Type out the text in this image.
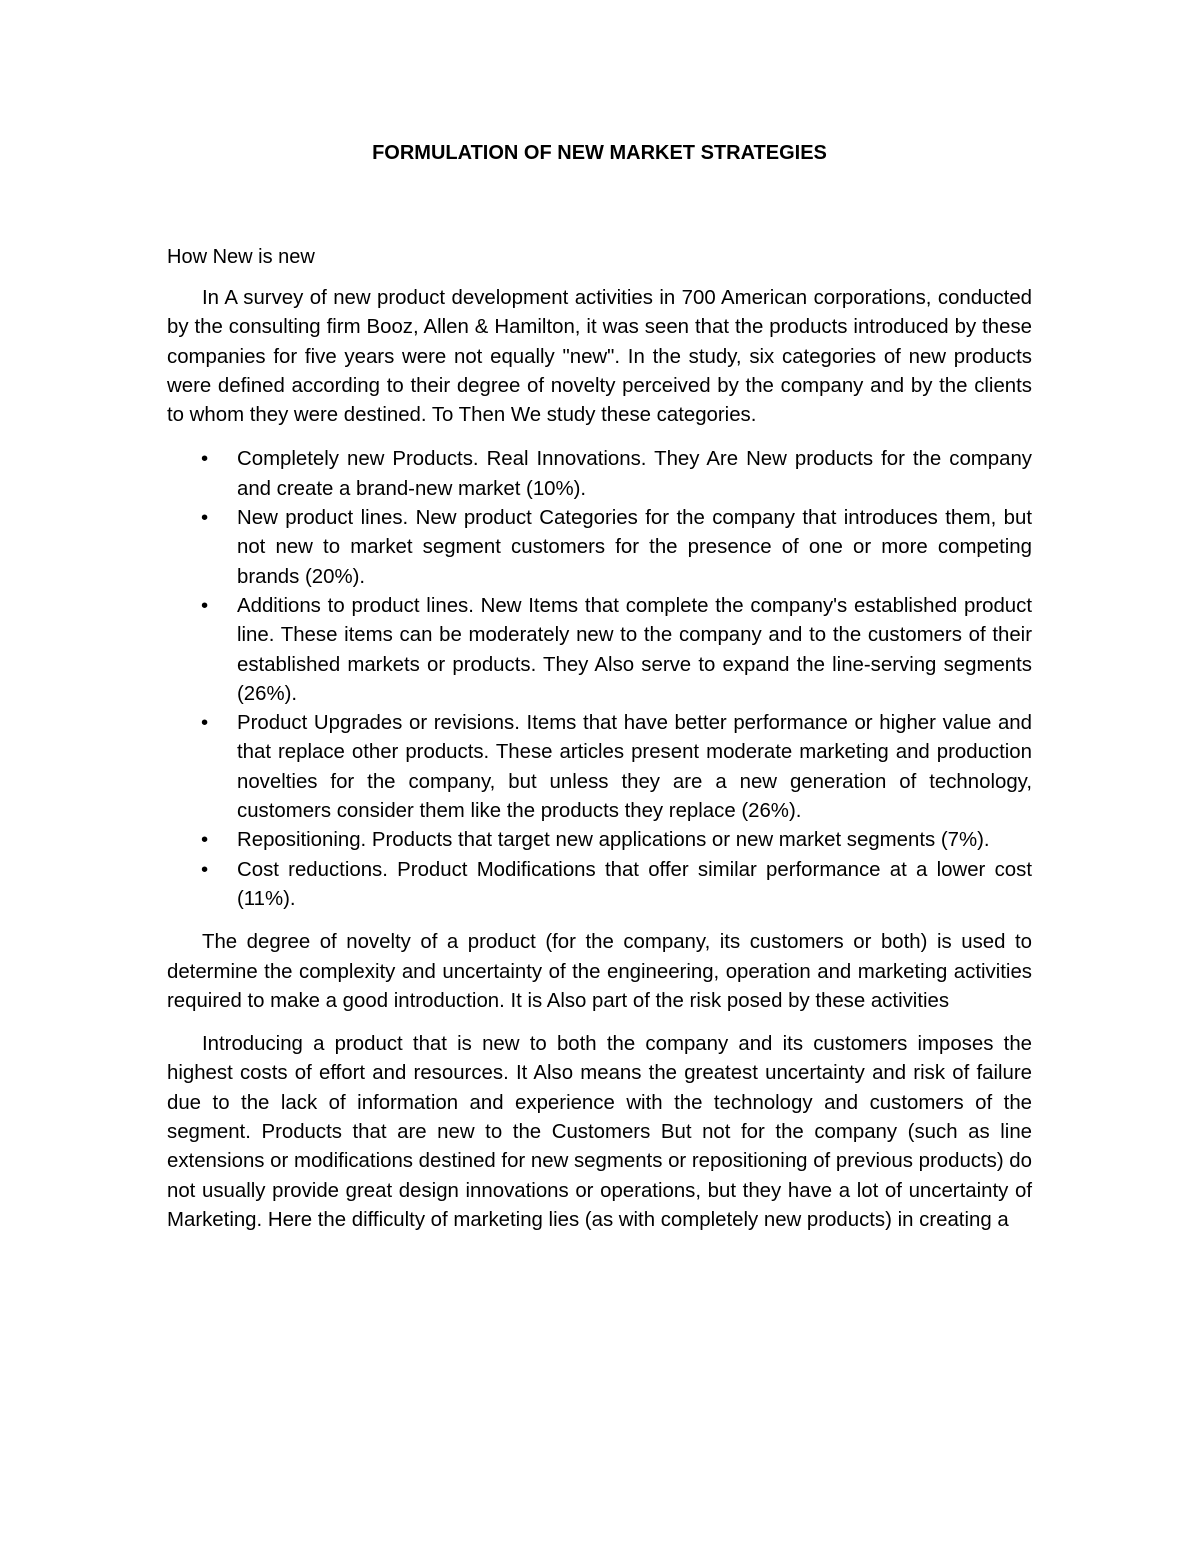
FORMULATION OF NEW MARKET STRATEGIES
How New is new

In A survey of new product development activities in 700 American corporations, conducted by the consulting firm Booz, Allen & Hamilton, it was seen that the products introduced by these companies for five years were not equally "new". In the study, six categories of new products were defined according to their degree of novelty perceived by the company and by the clients to whom they were destined. To Then We study these categories.

•	Completely new Products. Real Innovations. They Are New products for the company and create a brand-new market (10%).
•	New product lines. New product Categories for the company that introduces them, but not new to market segment customers for the presence of one or more competing brands (20%).
•	Additions to product lines. New Items that complete the company's established product line. These items can be moderately new to the company and to the customers of their established markets or products. They Also serve to expand the line-serving segments (26%).
•	Product Upgrades or revisions. Items that have better performance or higher value and that replace other products. These articles present moderate marketing and production novelties for the company, but unless they are a new generation of technology, customers consider them like the products they replace (26%).
•	Repositioning. Products that target new applications or new market segments (7%).
•	Cost reductions. Product Modifications that offer similar performance at a lower cost (11%).

The degree of novelty of a product (for the company, its customers or both) is used to determine the complexity and uncertainty of the engineering, operation and marketing activities required to make a good introduction. It is Also part of the risk posed by these activities

Introducing a product that is new to both the company and its customers imposes the highest costs of effort and resources. It Also means the greatest uncertainty and risk of failure due to the lack of information and experience with the technology and customers of the segment. Products that are new to the Customers But not for the company (such as line extensions or modifications destined for new segments or repositioning of previous products) do not usually provide great design innovations or operations, but they have a lot of uncertainty of Marketing. Here the difficulty of marketing lies (as with completely new products) in creating a
